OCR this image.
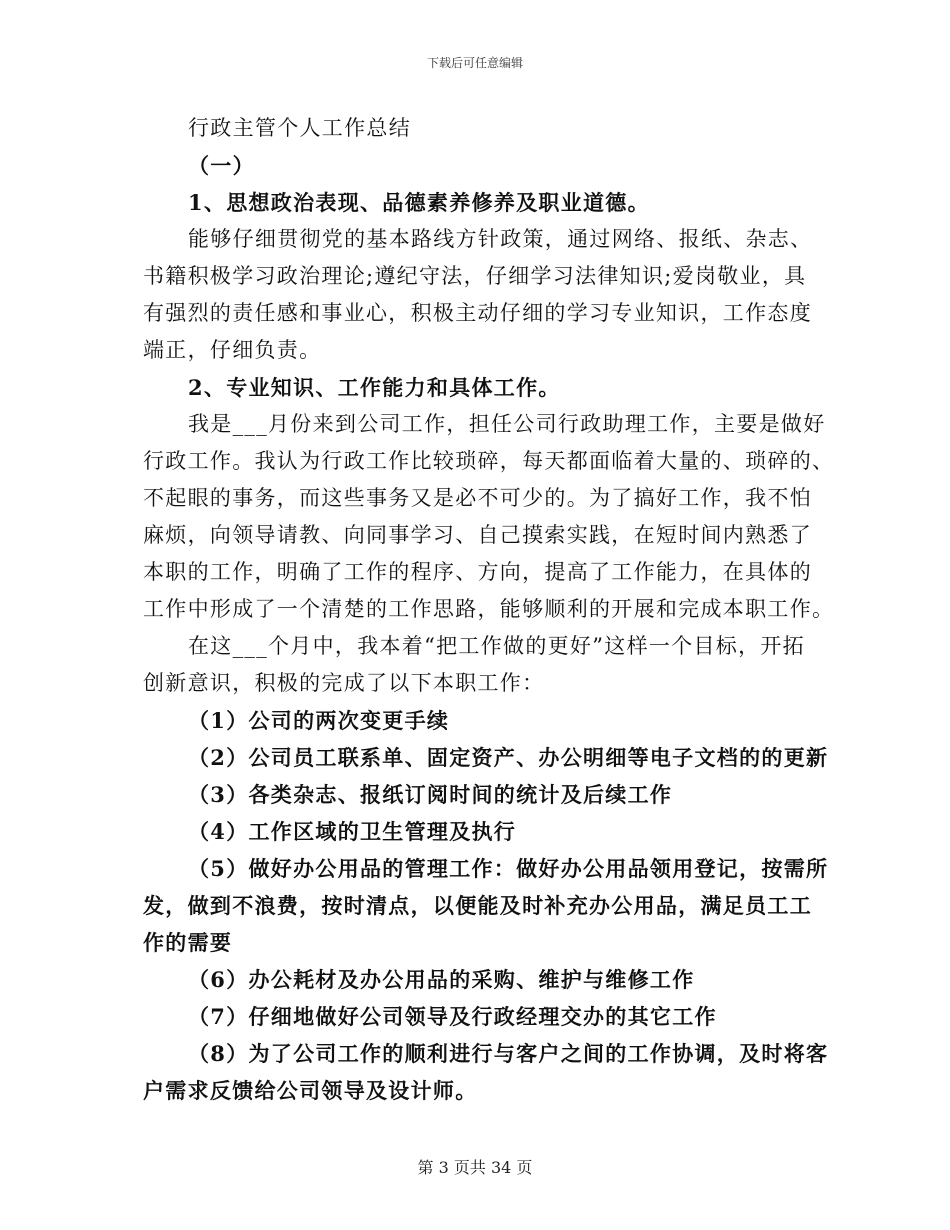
下载后可任意编辑
行政主管个人工作总结
（一）
1、思想政治表现、品德素养修养及职业道德。
能够仔细贯彻党的基本路线方针政策，通过网络、报纸、杂志、
书籍积极学习政治理论;遵纪守法，仔细学习法律知识;爱岗敬业，具
有强烈的责任感和事业心，积极主动仔细的学习专业知识，工作态度
端正，仔细负责。
2、专业知识、工作能力和具体工作。
我是___月份来到公司工作，担任公司行政助理工作，主要是做好
行政工作。我认为行政工作比较琐碎，每天都面临着大量的、琐碎的、
不起眼的事务，而这些事务又是必不可少的。为了搞好工作，我不怕
麻烦，向领导请教、向同事学习、自己摸索实践，在短时间内熟悉了
本职的工作，明确了工作的程序、方向，提高了工作能力，在具体的
工作中形成了一个清楚的工作思路，能够顺利的开展和完成本职工作。
在这___个月中，我本着“把工作做的更好”这样一个目标，开拓
创新意识，积极的完成了以下本职工作：
（1）公司的两次变更手续
（2）公司员工联系单、固定资产、办公明细等电子文档的的更新
（3）各类杂志、报纸订阅时间的统计及后续工作
（4）工作区域的卫生管理及执行
（5）做好办公用品的管理工作：做好办公用品领用登记，按需所
发，做到不浪费，按时清点，以便能及时补充办公用品，满足员工工
作的需要
（6）办公耗材及办公用品的采购、维护与维修工作
（7）仔细地做好公司领导及行政经理交办的其它工作
（8）为了公司工作的顺利进行与客户之间的工作协调，及时将客
户需求反馈给公司领导及设计师。
第 3 页共 34 页
